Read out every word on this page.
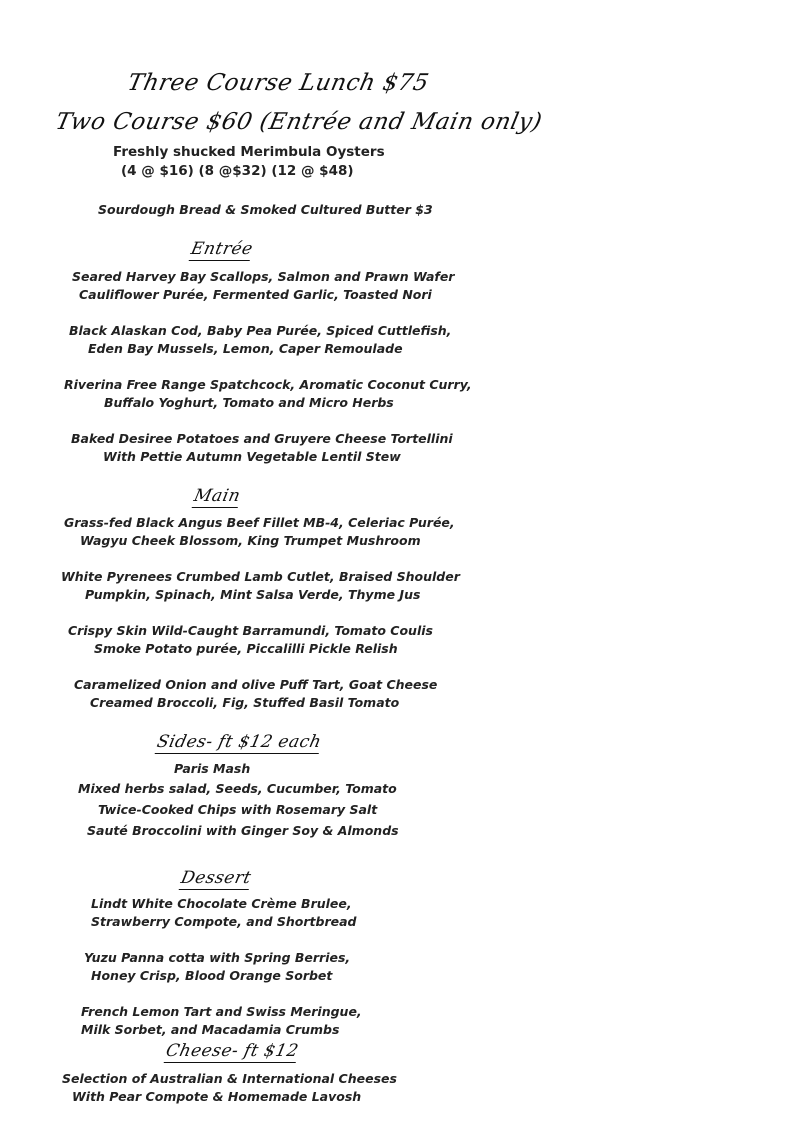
Three Course Lunch $75
Two Course $60 (Entrée and Main only)
Freshly shucked Merimbula Oysters
(4 @ $16) (8 @$32) (12 @ $48)
Sourdough Bread & Smoked Cultured Butter $3
Entrée
Seared Harvey Bay Scallops, Salmon and Prawn Wafer
Cauliflower Purée, Fermented Garlic, Toasted Nori
Black Alaskan Cod, Baby Pea Purée, Spiced Cuttlefish,
Eden Bay Mussels, Lemon, Caper Remoulade
Riverina Free Range Spatchcock, Aromatic Coconut Curry,
Buffalo Yoghurt, Tomato and Micro Herbs
Baked Desiree Potatoes and Gruyere Cheese Tortellini
With Pettie Autumn Vegetable Lentil Stew
Main
Grass-fed Black Angus Beef Fillet MB-4, Celeriac Purée,
Wagyu Cheek Blossom, King Trumpet Mushroom
White Pyrenees Crumbed Lamb Cutlet, Braised Shoulder
Pumpkin, Spinach, Mint Salsa Verde, Thyme Jus
Crispy Skin Wild-Caught Barramundi, Tomato Coulis
Smoke Potato purée, Piccalilli Pickle Relish
Caramelized Onion and olive Puff Tart, Goat Cheese
Creamed Broccoli, Fig, Stuffed Basil Tomato
Sides- ft $12 each
Paris Mash
Mixed herbs salad, Seeds, Cucumber, Tomato
Twice-Cooked Chips with Rosemary Salt
Sauté Broccolini with Ginger Soy & Almonds
Dessert
Lindt White Chocolate Crème Brulee,
Strawberry Compote, and Shortbread
Yuzu Panna cotta with Spring Berries,
Honey Crisp, Blood Orange Sorbet
French Lemon Tart and Swiss Meringue,
Milk Sorbet, and Macadamia Crumbs
Cheese- ft $12
Selection of Australian & International Cheeses
With Pear Compote & Homemade Lavosh
